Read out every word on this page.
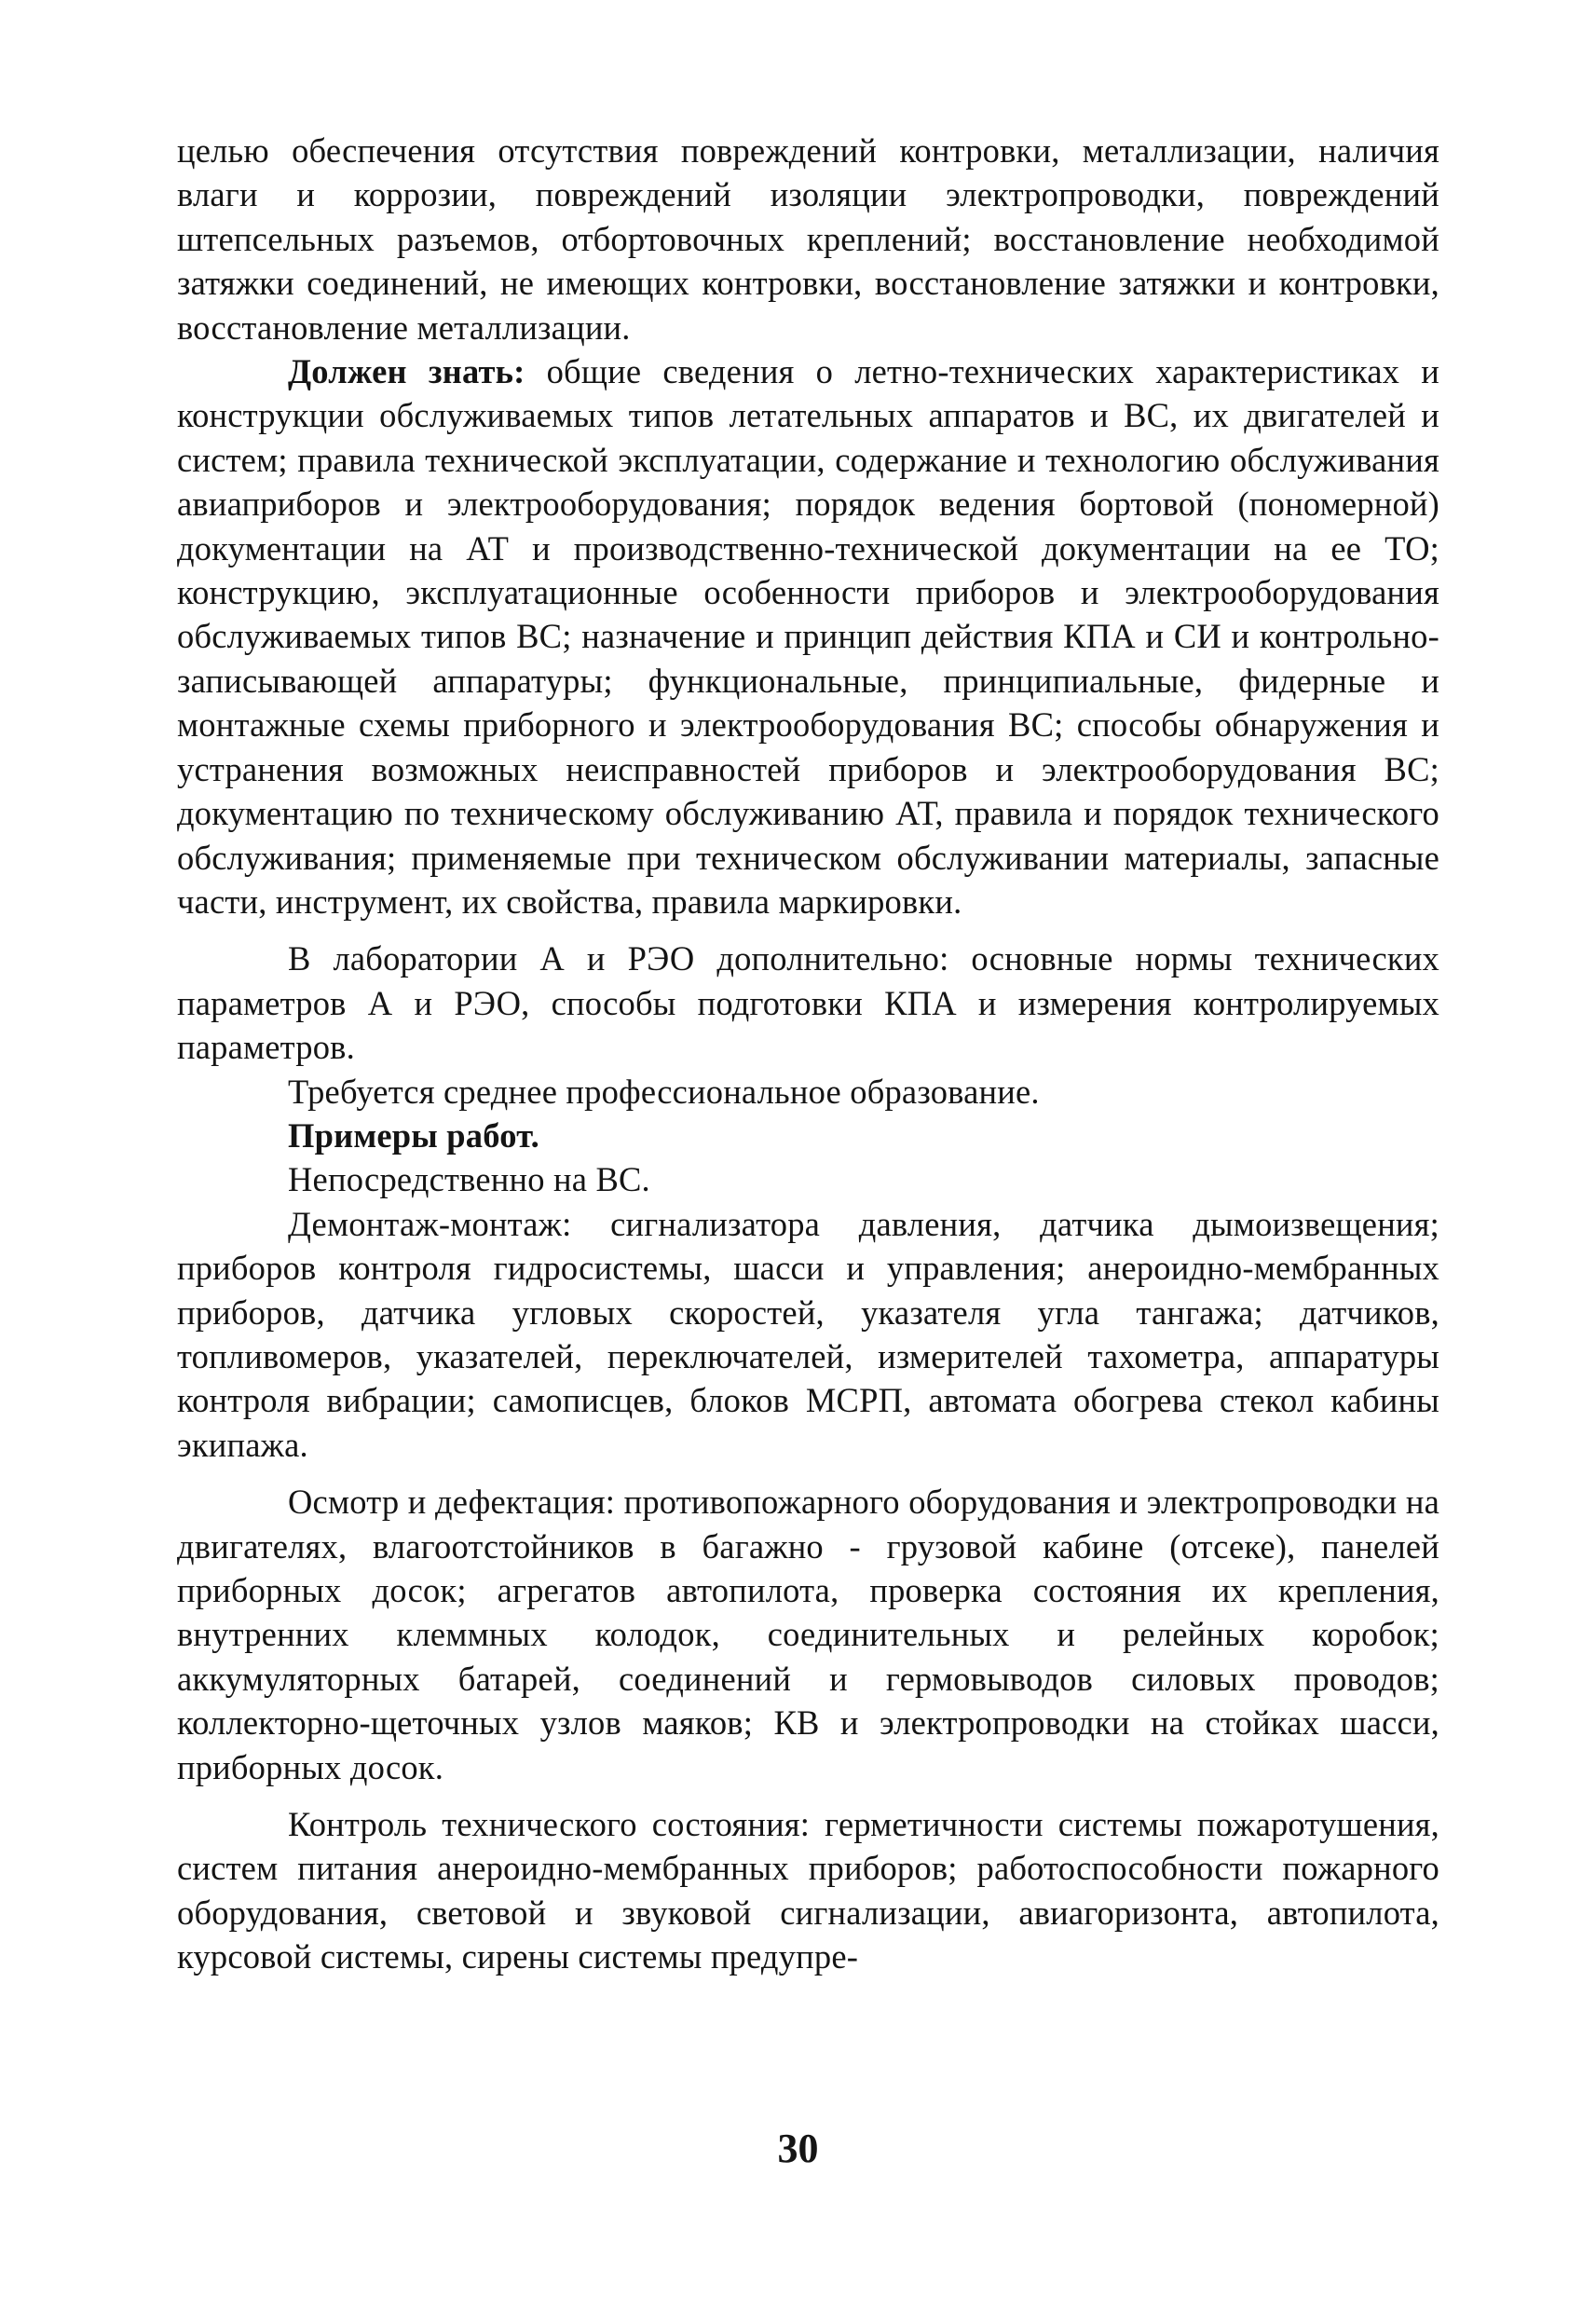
целью обеспечения отсутствия повреждений контровки, металлизации, наличия влаги и коррозии, повреждений изоляции электропроводки, повреждений штепсельных разъемов, отбортовочных креплений; восстановление необходимой затяжки соединений, не имеющих контровки, восстановление затяжки и контровки, восстановление металлизации.

Должен знать: общие сведения о летно-технических характеристиках и конструкции обслуживаемых типов летательных аппаратов и ВС, их двигателей и систем; правила технической эксплуатации, содержание и технологию обслуживания авиаприборов и электрооборудования; порядок ведения бортовой (пономерной) документации на АТ и производственно-технической документации на ее ТО; конструкцию, эксплуатационные особенности приборов и электрооборудования обслуживаемых типов ВС; назначение и принцип действия КПА и СИ и контрольно- записывающей аппаратуры; функциональные, принципиальные, фидерные и монтажные схемы приборного и электрооборудования ВС; способы обнаружения и устранения возможных неисправностей приборов и электрооборудования ВС; документацию по техническому обслуживанию АТ, правила и порядок технического обслуживания; применяемые при техническом обслуживании материалы, запасные части, инструмент, их свойства, правила маркировки.

В лаборатории А и РЭО дополнительно: основные нормы технических параметров А и РЭО, способы подготовки КПА и измерения контролируемых параметров.

Требуется среднее профессиональное образование.

Примеры работ.

Непосредственно на ВС.

Демонтаж-монтаж: сигнализатора давления, датчика дымоизвещения; приборов контроля гидросистемы, шасси и управления; анероидно-мембранных приборов, датчика угловых скоростей, указателя угла тангажа; датчиков, топливомеров, указателей, переключателей, измерителей тахометра, аппаратуры контроля вибрации; самописцев, блоков МСРП, автомата обогрева стекол кабины экипажа.

Осмотр и дефектация: противопожарного оборудования и электропроводки на двигателях, влагоотстойников в багажно - грузовой кабине (отсеке), панелей приборных досок; агрегатов автопилота, проверка состояния их крепления, внутренних клеммных колодок, соединительных и релейных коробок; аккумуляторных батарей, соединений и гермовыводов силовых проводов; коллекторно-щеточных узлов маяков; КВ и электропроводки на стойках шасси, приборных досок.

Контроль технического состояния: герметичности системы пожаротушения, систем питания анероидно-мембранных приборов; работоспособности пожарного оборудования, световой и звуковой сигнализации, авиагоризонта, автопилота, курсовой системы, сирены системы предупре-

30
